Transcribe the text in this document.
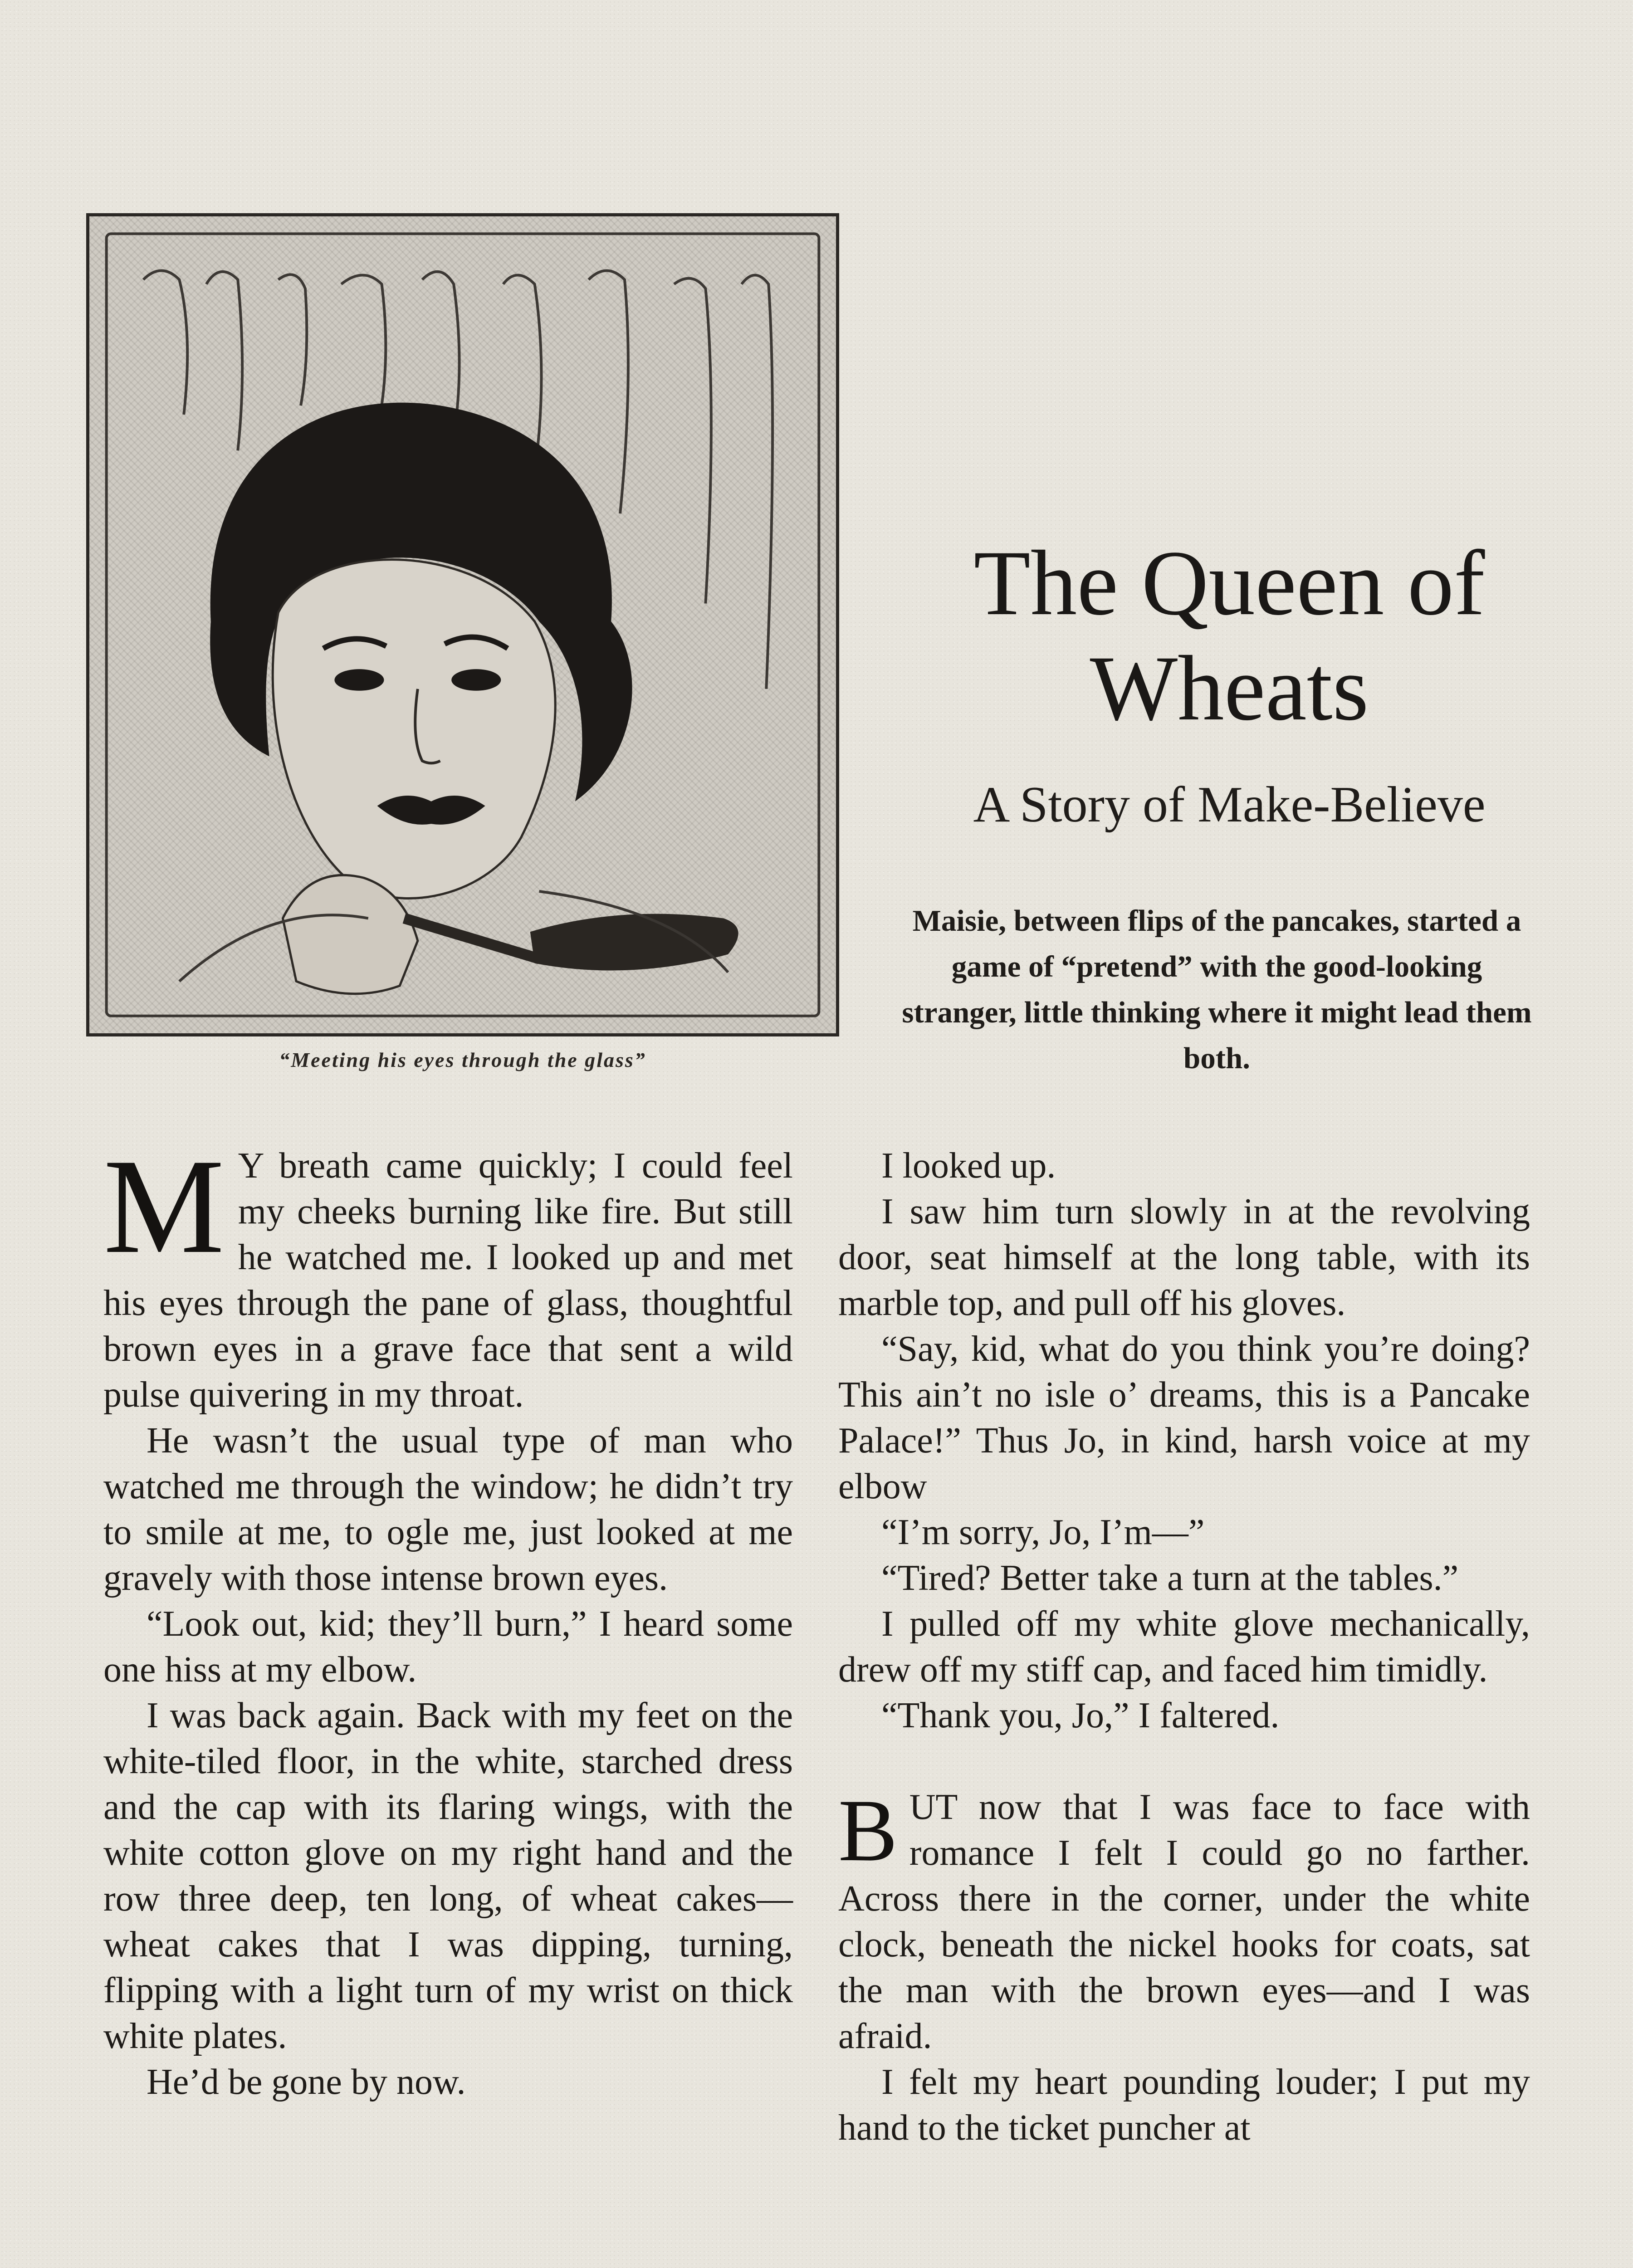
“Meeting his eyes through the glass”
The Queen of
Wheats
A Story of Make-Believe
Maisie, between flips of the pancakes, started a game of “pretend” with the good-looking stranger, little thinking where it might lead them both.

M Y breath came quickly; I could feel my cheeks burning like fire. But still he watched me. I looked up and met his eyes through the pane of glass, thoughtful brown eyes in a grave face that sent a wild pulse quivering in my throat.

He wasn’t the usual type of man who watched me through the window; he didn’t try to smile at me, to ogle me, just looked at me gravely with those intense brown eyes.

“Look out, kid; they’ll burn,” I heard some one hiss at my elbow.

I was back again. Back with my feet on the white-tiled floor, in the white, starched dress and the cap with its flaring wings, with the white cotton glove on my right hand and the row three deep, ten long, of wheat cakes—wheat cakes that I was dipping, turning, flipping with a light turn of my wrist on thick white plates.

He’d be gone by now.

I looked up.

I saw him turn slowly in at the revolving door, seat himself at the long table, with its marble top, and pull off his gloves.

“Say, kid, what do you think you’re doing? This ain’t no isle o’ dreams, this is a Pancake Palace!” Thus Jo, in kind, harsh voice at my elbow

“I’m sorry, Jo, I’m—”

“Tired? Better take a turn at the tables.”

I pulled off my white glove mechanically, drew off my stiff cap, and faced him timidly.

“Thank you, Jo,” I faltered.

BUT now that I was face to face with romance I felt I could go no farther. Across there in the corner, under the white clock, beneath the nickel hooks for coats, sat the man with the brown eyes—and I was afraid.

I felt my heart pounding louder; I put my hand to the ticket puncher at
